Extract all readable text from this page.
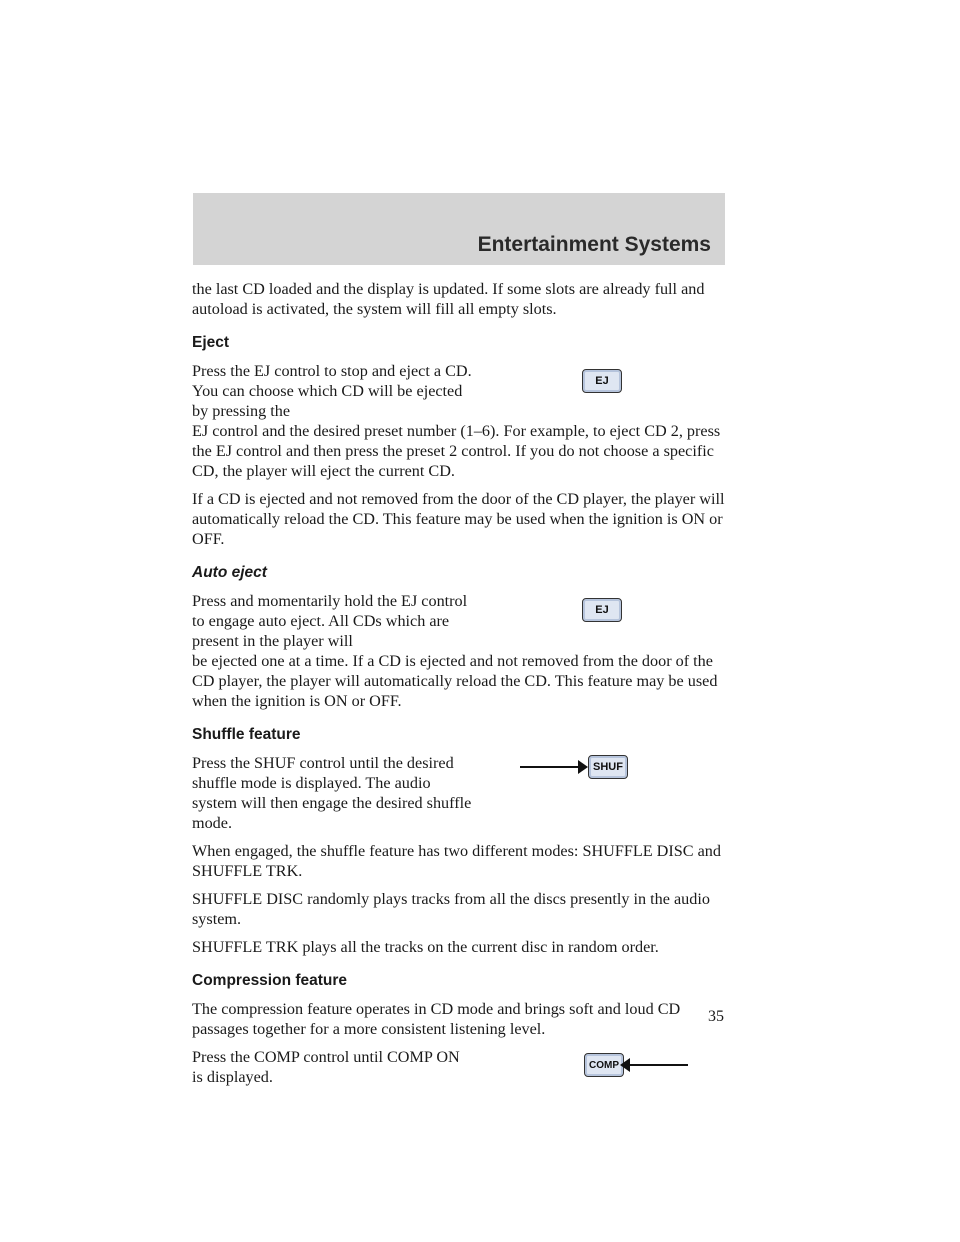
Entertainment Systems

the last CD loaded and the display is updated. If some slots are already full and autoload is activated, the system will fill all empty slots.

Eject

Press the EJ control to stop and eject a CD. You can choose which CD will be ejected by pressing the

EJ

EJ control and the desired preset number (1–6). For example, to eject CD 2, press the EJ control and then press the preset 2 control. If you do not choose a specific CD, the player will eject the current CD.

If a CD is ejected and not removed from the door of the CD player, the player will automatically reload the CD. This feature may be used when the ignition is ON or OFF.

Auto eject

Press and momentarily hold the EJ control to engage auto eject. All CDs which are present in the player will

EJ

be ejected one at a time. If a CD is ejected and not removed from the door of the CD player, the player will automatically reload the CD. This feature may be used when the ignition is ON or OFF.

Shuffle feature

Press the SHUF control until the desired shuffle mode is displayed. The audio system will then engage the desired shuffle mode.

SHUF

When engaged, the shuffle feature has two different modes: SHUFFLE DISC and SHUFFLE TRK.

SHUFFLE DISC randomly plays tracks from all the discs presently in the audio system.

SHUFFLE TRK plays all the tracks on the current disc in random order.

Compression feature

The compression feature operates in CD mode and brings soft and loud CD passages together for a more consistent listening level.

Press the COMP control until COMP ON is displayed.

COMP
35
